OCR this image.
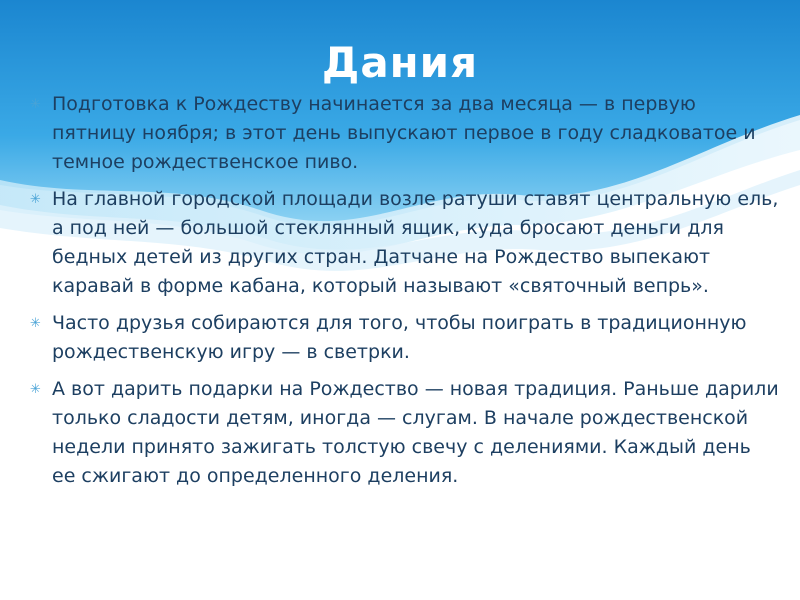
Дания
✳ Подготовка к Рождеству начинается за два месяца — в первую пятницу ноября; в этот день выпускают первое в году сладковатое и темное рождественское пиво.
✳ На главной городской площади возле ратуши ставят центральную ель, а под ней — большой стеклянный ящик, куда бросают деньги для бедных детей из других стран. Датчане на Рождество выпекают каравай в форме кабана, который называют «святочный вепрь».
✳ Часто друзья собираются для того, чтобы поиграть в традиционную рождественскую игру — в светрки.
✳ А вот дарить подарки на Рождество — новая традиция. Раньше дарили только сладости детям, иногда — слугам. В начале рождественской недели принято зажигать толстую свечу с делениями. Каждый день ее сжигают до определенного деления.
